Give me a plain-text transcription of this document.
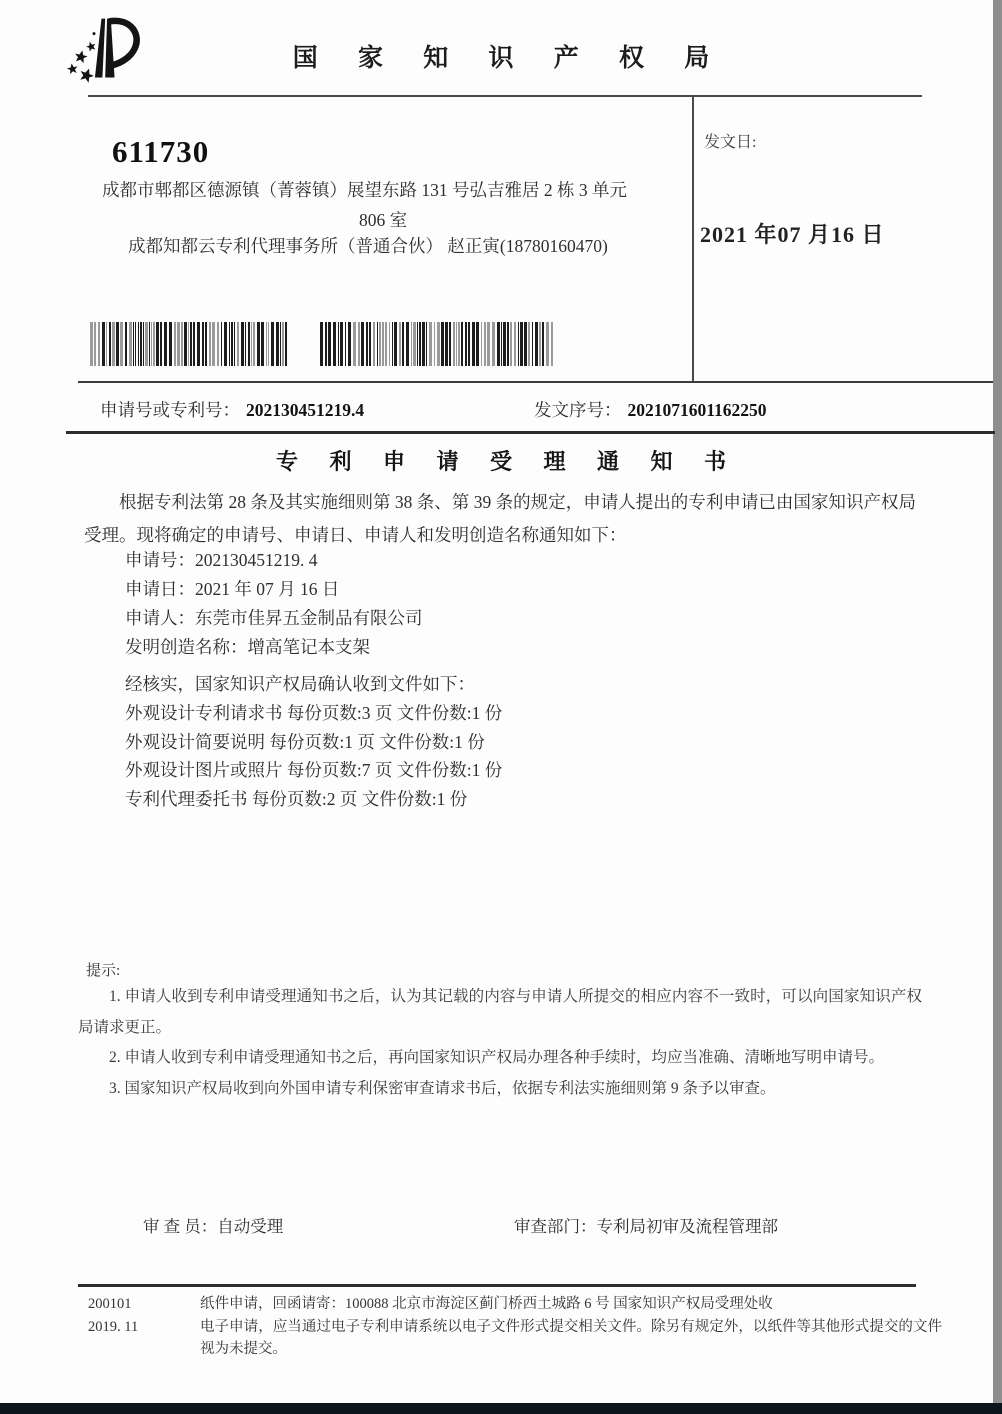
国 家 知 识 产 权 局
611730
成都市郫都区德源镇（菁蓉镇）展望东路 131 号弘吉雅居 2 栋 3 单元
806 室
成都知都云专利代理事务所（普通合伙） 赵正寅(18780160470)
发文日:
2021 年07 月16 日
申请号或专利号： 202130451219.4	发文序号： 2021071601162250
专 利 申 请 受 理 通 知 书
根据专利法第 28 条及其实施细则第 38 条、第 39 条的规定，申请人提出的专利申请已由国家知识产权局受理。现将确定的申请号、申请日、申请人和发明创造名称通知如下：
申请号：202130451219. 4
申请日：2021 年 07 月 16 日
申请人：东莞市佳昇五金制品有限公司
发明创造名称：增高笔记本支架
经核实，国家知识产权局确认收到文件如下：
外观设计专利请求书 每份页数:3 页 文件份数:1 份
外观设计简要说明 每份页数:1 页 文件份数:1 份
外观设计图片或照片 每份页数:7 页 文件份数:1 份
专利代理委托书 每份页数:2 页 文件份数:1 份
提示:
1. 申请人收到专利申请受理通知书之后，认为其记载的内容与申请人所提交的相应内容不一致时，可以向国家知识产权局请求更正。
2. 申请人收到专利申请受理通知书之后，再向国家知识产权局办理各种手续时，均应当准确、清晰地写明申请号。
3. 国家知识产权局收到向外国申请专利保密审查请求书后，依据专利法实施细则第 9 条予以审查。
审 查 员：自动受理	审查部门：专利局初审及流程管理部
200101
2019. 11
纸件申请，回函请寄：100088 北京市海淀区蓟门桥西土城路 6 号 国家知识产权局受理处收
电子申请，应当通过电子专利申请系统以电子文件形式提交相关文件。除另有规定外，以纸件等其他形式提交的文件视为未提交。
